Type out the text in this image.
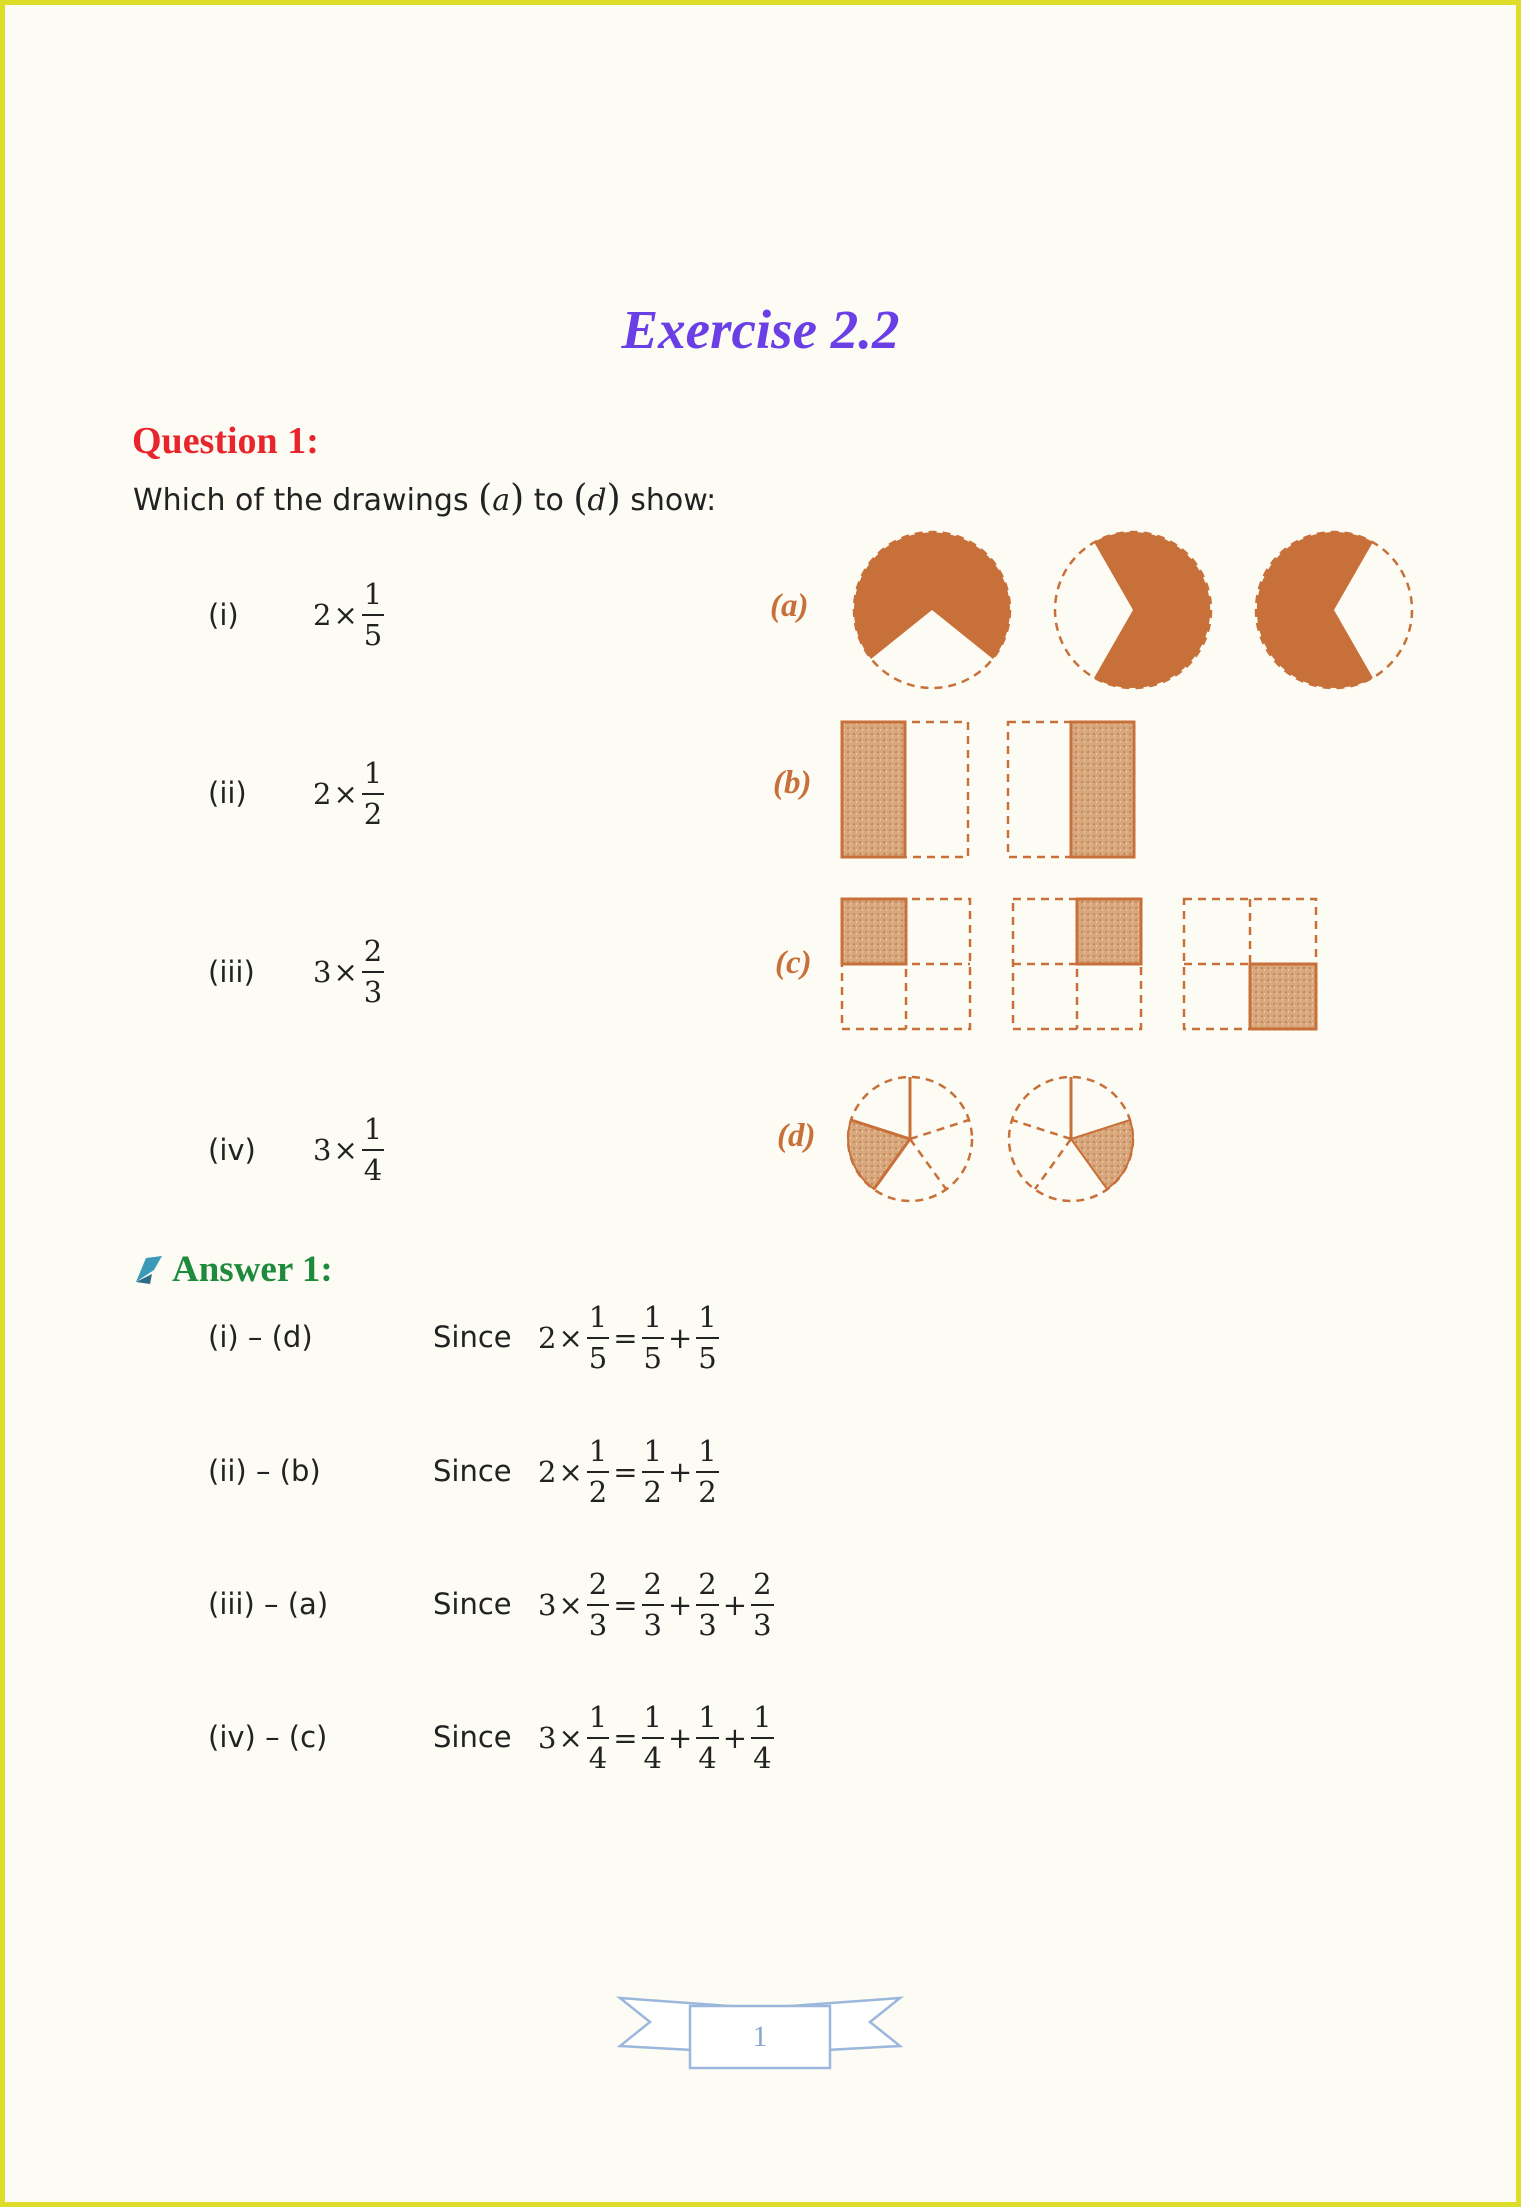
Exercise 2.2
Question 1:
Which of the drawings (a) to (d) show:
(i)	$2 \times \frac{1}{5}$
(ii) $2 \times \frac{1}{2}$
(iii) $3 \times \frac{2}{3}$
(iv) $3 \times \frac{1}{4}$
(a)
(b)
(c)
(d)
1
Answer 1:
(i) – (d)	Since $2 \times \frac{1}{5} = \frac{1}{5} + \frac{1}{5}$
(ii) – (b)	Since $2 \times \frac{1}{2} = \frac{1}{2} + \frac{1}{2}$
(iii) – (a)	Since $3 \times \frac{2}{3} = \frac{2}{3} + \frac{2}{3} + \frac{2}{3}$
(iv) – (c)	Since $3 \times \frac{1}{4} = \frac{1}{4} + \frac{1}{4} + \frac{1}{4}$
